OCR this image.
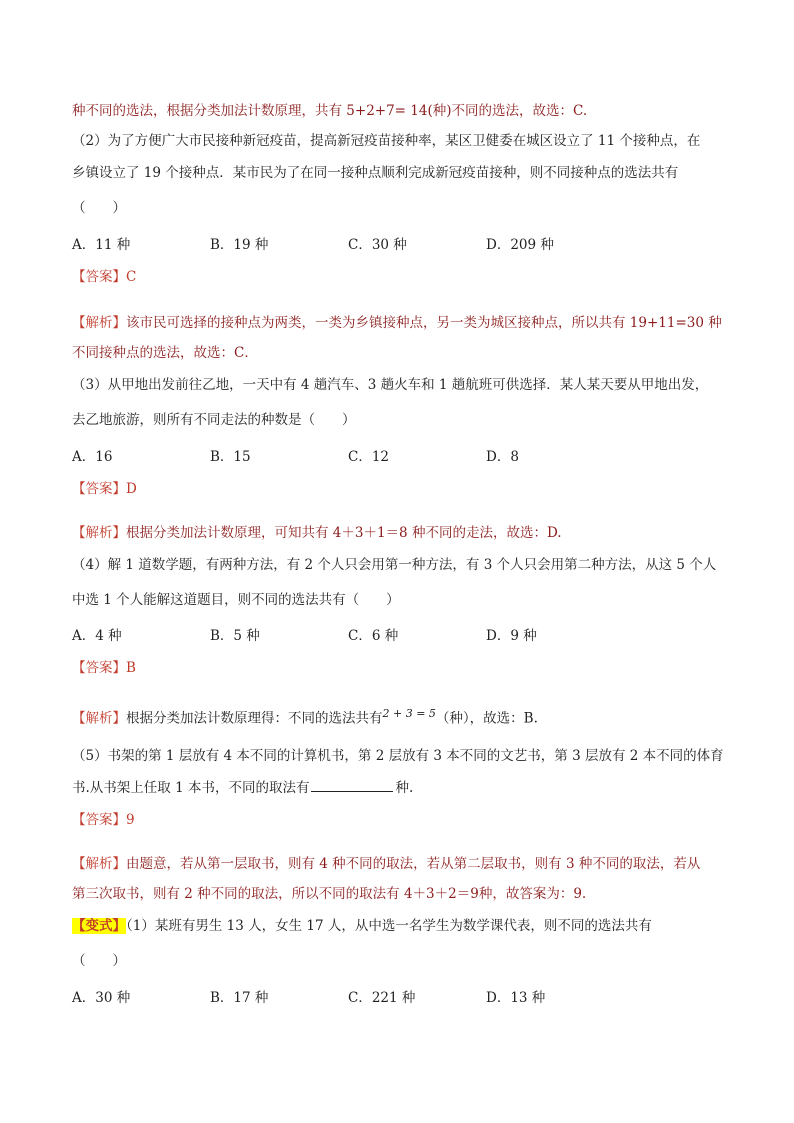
种不同的选法，根据分类加法计数原理，共有 5+2+7= 14(种)不同的选法，故选：C.
（2）为了方便广大市民接种新冠疫苗，提高新冠疫苗接种率，某区卫健委在城区设立了 11 个接种点，在
乡镇设立了 19 个接种点．某市民为了在同一接种点顺利完成新冠疫苗接种，则不同接种点的选法共有
（　　）
A．11 种	B．19 种	C．30 种	D．209 种
【答案】C
【解析】该市民可选择的接种点为两类，一类为乡镇接种点，另一类为城区接种点，所以共有 19+11=30 种
不同接种点的选法，故选：C．
（3）从甲地出发前往乙地，一天中有 4 趟汽车、3 趟火车和 1 趟航班可供选择．某人某天要从甲地出发，
去乙地旅游，则所有不同走法的种数是（　　）
A．16	B．15	C．12	D．8
【答案】D
【解析】根据分类加法计数原理，可知共有 4＋3＋1＝8 种不同的走法，故选：D.
（4）解 1 道数学题，有两种方法，有 2 个人只会用第一种方法，有 3 个人只会用第二种方法，从这 5 个人
中选 1 个人能解这道题目，则不同的选法共有（　　）
A．4 种	B．5 种	C．6 种	D．9 种
【答案】B
【解析】根据分类加法计数原理得：不同的选法共有$^{2 + 3 = 5}$（种），故选：B.
（5）书架的第 1 层放有 4 本不同的计算机书，第 2 层放有 3 本不同的文艺书，第 3 层放有 2 本不同的体育
书.从书架上任取 1 本书，不同的取法有	种.
【答案】9
【解析】由题意，若从第一层取书，则有 4 种不同的取法，若从第二层取书，则有 3 种不同的取法，若从
第三次取书，则有 2 种不同的取法，所以不同的取法有 4＋3＋2＝9种，故答案为：9.
【变式】（1）某班有男生 13 人，女生 17 人，从中选一名学生为数学课代表，则不同的选法共有
（　　）
A．30 种	B．17 种	C．221 种	D．13 种
